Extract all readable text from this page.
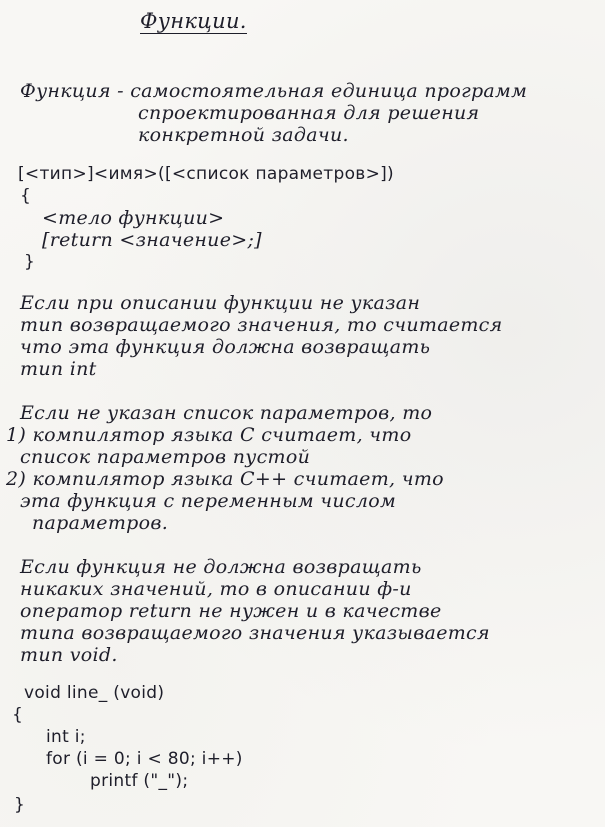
Функции.
Функция - самостоятельная единица программ
спроектированная для решения
конкретной задачи.
[<тип>]<имя>([<список параметров>])
{
<тело функции>
[return <значение>;]
}
Если при описании функции не указан
тип возвращаемого значения, то считается
что эта функция должна возвращать
тип int
Если не указан список параметров, то
1) компилятор языка С считает, что
список параметров пустой
2) компилятор языка С++ считает, что
эта функция с переменным числом
параметров.
Если функция не должна возвращать
никаких значений, то в описании ф-и
оператор return не нужен и в качестве
типа возвращаемого значения указывается
тип void.
void line_ (void)
{
int i;
for (i = 0; i < 80; i++)
printf ("_");
}
